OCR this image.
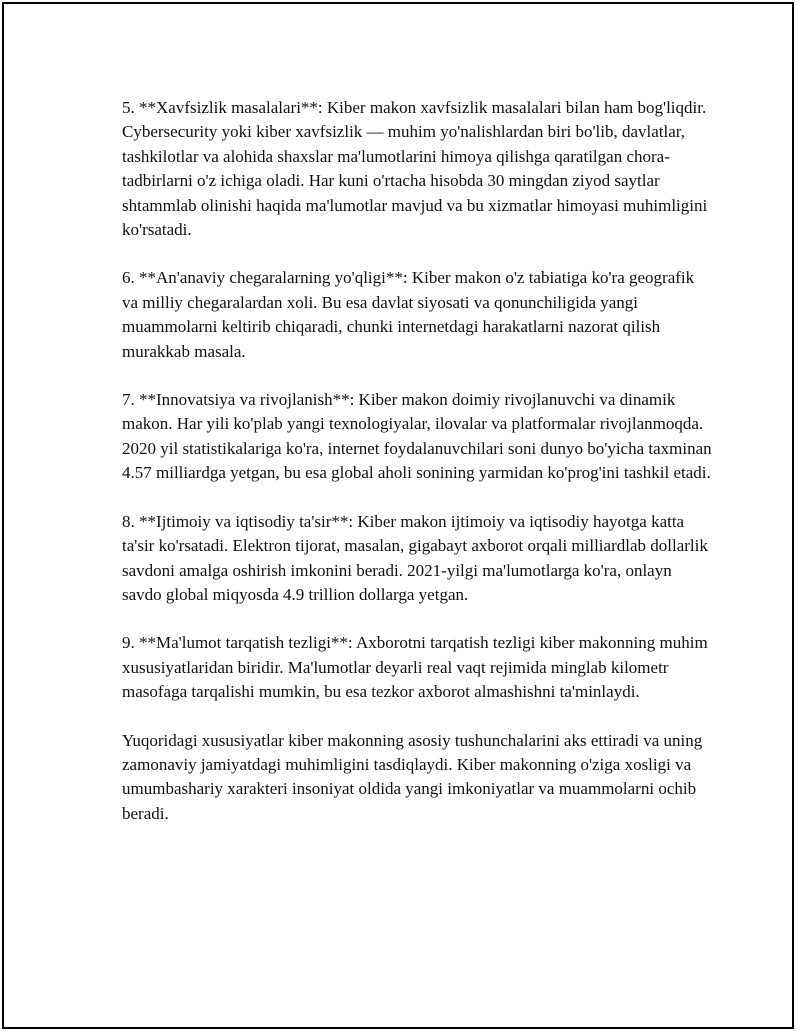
5. **Xavfsizlik masalalari**: Kiber makon xavfsizlik masalalari bilan ham bog'liqdir. Cybersecurity yoki kiber xavfsizlik — muhim yo'nalishlardan biri bo'lib, davlatlar, tashkilotlar va alohida shaxslar ma'lumotlarini himoya qilishga qaratilgan chora-tadbirlarni o'z ichiga oladi. Har kuni o'rtacha hisobda 30 mingdan ziyod saytlar shtammlab olinishi haqida ma'lumotlar mavjud va bu xizmatlar himoyasi muhimligini ko'rsatadi.

6. **An'anaviy chegaralarning yo'qligi**: Kiber makon o'z tabiatiga ko'ra geografik va milliy chegaralardan xoli. Bu esa davlat siyosati va qonunchiligida yangi muammolarni keltirib chiqaradi, chunki internetdagi harakatlarni nazorat qilish murakkab masala.

7. **Innovatsiya va rivojlanish**: Kiber makon doimiy rivojlanuvchi va dinamik makon. Har yili ko'plab yangi texnologiyalar, ilovalar va platformalar rivojlanmoqda. 2020 yil statistikalariga ko'ra, internet foydalanuvchilari soni dunyo bo'yicha taxminan 4.57 milliardga yetgan, bu esa global aholi sonining yarmidan ko'prog'ini tashkil etadi.

8. **Ijtimoiy va iqtisodiy ta'sir**: Kiber makon ijtimoiy va iqtisodiy hayotga katta ta'sir ko'rsatadi. Elektron tijorat, masalan, gigabayt axborot orqali milliardlab dollarlik savdoni amalga oshirish imkonini beradi. 2021-yilgi ma'lumotlarga ko'ra, onlayn savdo global miqyosda 4.9 trillion dollarga yetgan.

9. **Ma'lumot tarqatish tezligi**: Axborotni tarqatish tezligi kiber makonning muhim xususiyatlaridan biridir. Ma'lumotlar deyarli real vaqt rejimida minglab kilometr masofaga tarqalishi mumkin, bu esa tezkor axborot almashishni ta'minlaydi.

Yuqoridagi xususiyatlar kiber makonning asosiy tushunchalarini aks ettiradi va uning zamonaviy jamiyatdagi muhimligini tasdiqlaydi. Kiber makonning o'ziga xosligi va umumbashariy xarakteri insoniyat oldida yangi imkoniyatlar va muammolarni ochib beradi.
